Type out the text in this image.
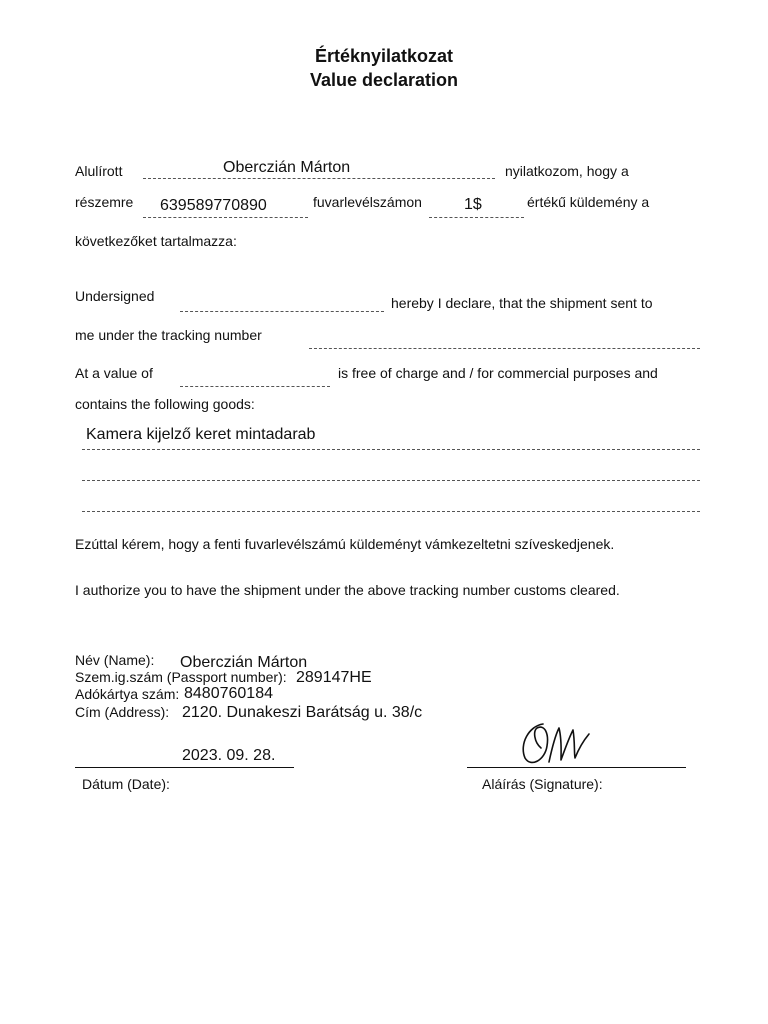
Értéknyilatkozat
Value declaration
Alulírott	Oberczián Márton	nyilatkozom, hogy a
részemre 639589770890	fuvarlevélszámon	1$	értékű küldemény a
következőket tartalmazza:
Undersigned	hereby I declare, that the shipment sent to
me under the tracking number
At a value of	is free of charge and / for commercial purposes and
contains the following goods:
Kamera kijelző keret mintadarab
Ezúttal kérem, hogy a fenti fuvarlevélszámú küldeményt vámkezeltetni szíveskedjenek.
I authorize you to have the shipment under the above tracking number customs cleared.
Név (Name): Oberczián Márton
Szem.ig.szám (Passport number): 289147HE
Adókártya szám: 8480760184
Cím (Address): 2120. Dunakeszi Barátság u. 38/c
2023. 09. 28.
Dátum (Date):	Aláírás (Signature):
